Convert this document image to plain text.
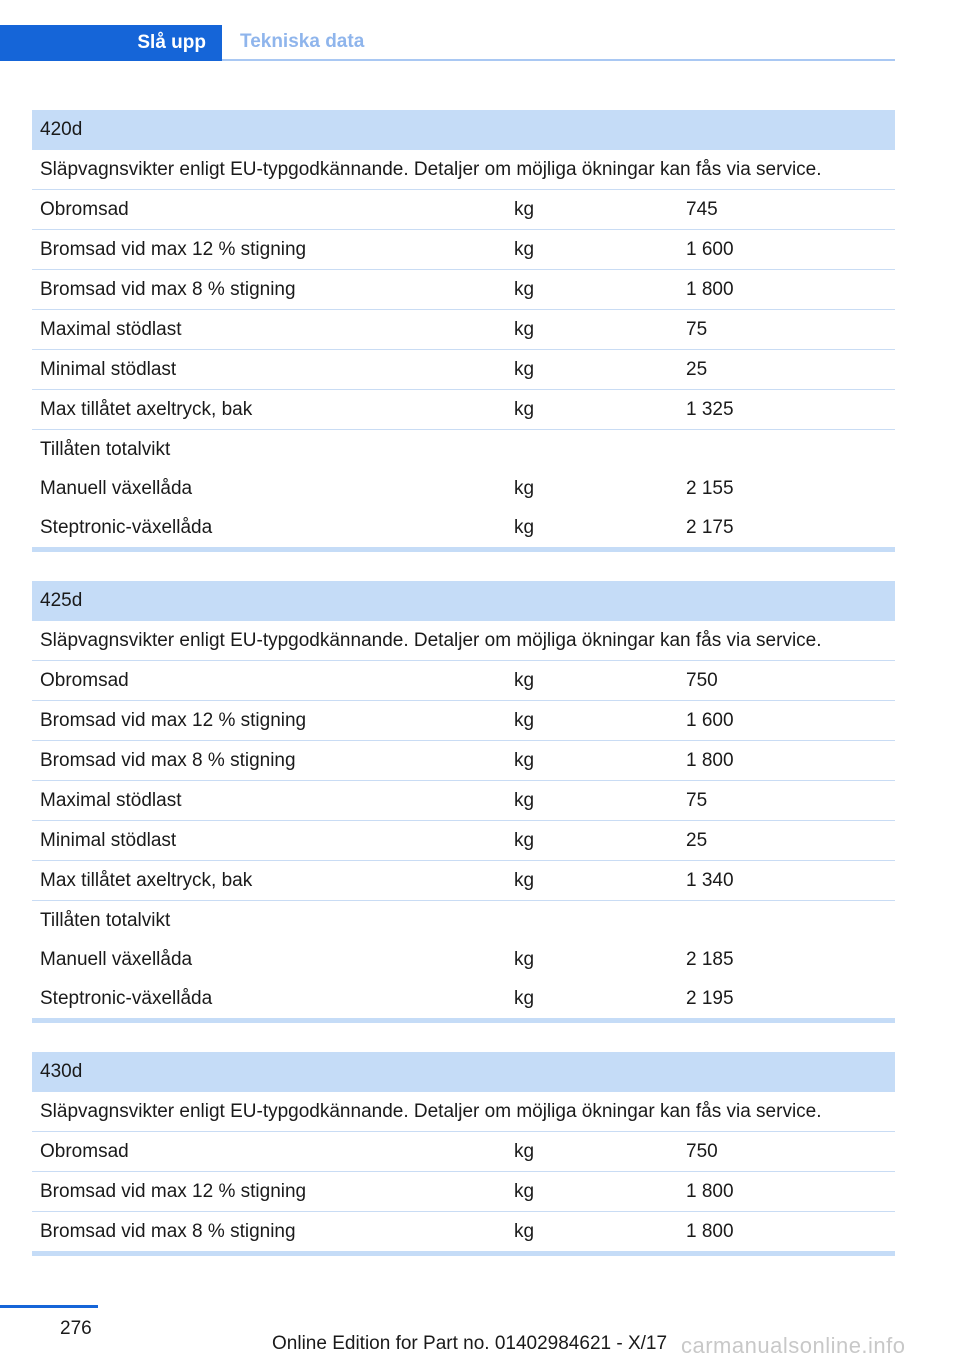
Slå upp	Tekniska data
420d
Släpvagnsvikter enligt EU-typgodkännande. Detaljer om möjliga ökningar kan fås via service.
Obromsad	kg	745
Bromsad vid max 12 % stigning	kg	1 600
Bromsad vid max 8 % stigning	kg	1 800
Maximal stödlast	kg	75
Minimal stödlast	kg	25
Max tillåtet axeltryck, bak	kg	1 325
Tillåten totalvikt
Manuell växellåda	kg	2 155
Steptronic-växellåda	kg	2 175
425d
Släpvagnsvikter enligt EU-typgodkännande. Detaljer om möjliga ökningar kan fås via service.
Obromsad	kg	750
Bromsad vid max 12 % stigning	kg	1 600
Bromsad vid max 8 % stigning	kg	1 800
Maximal stödlast	kg	75
Minimal stödlast	kg	25
Max tillåtet axeltryck, bak	kg	1 340
Tillåten totalvikt
Manuell växellåda	kg	2 185
Steptronic-växellåda	kg	2 195
430d
Släpvagnsvikter enligt EU-typgodkännande. Detaljer om möjliga ökningar kan fås via service.
Obromsad	kg	750
Bromsad vid max 12 % stigning	kg	1 800
Bromsad vid max 8 % stigning	kg	1 800
276
Online Edition for Part no. 01402984621 - X/17 carmanualsonline.info
